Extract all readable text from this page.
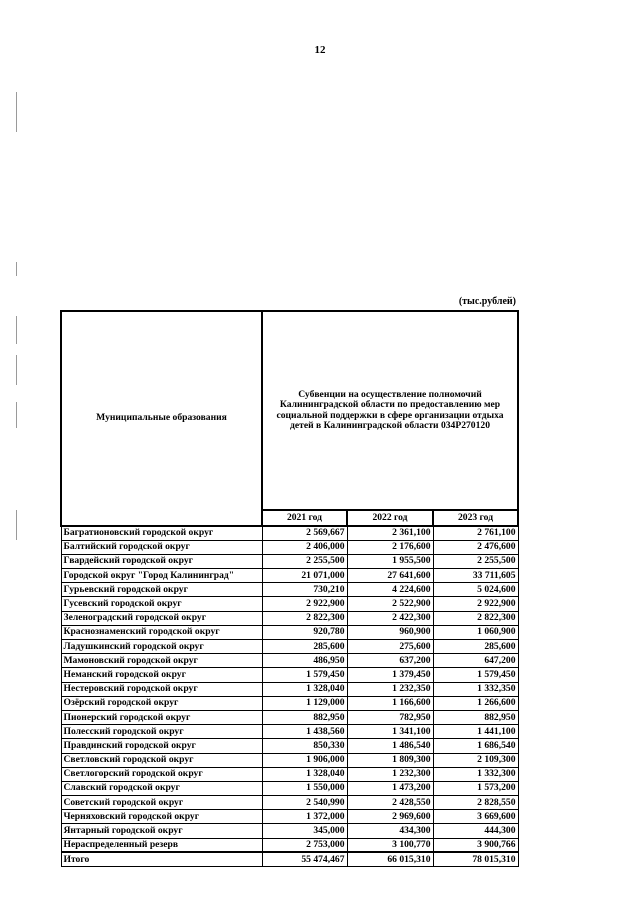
12
(тыс.рублей)
Муниципальные образования	Субвенции на осуществление полномочий Калининградской области по предоставлению мер социальной поддержки в сфере организации отдыха детей в Калининградской области 034P270120		
	2021 год	2022 год	2023 год
Багратионовский городской округ	2 569,667	2 361,100	2 761,100
Балтийский городской округ	2 406,000	2 176,600	2 476,600
Гвардейский городской округ	2 255,500	1 955,500	2 255,500
Городской округ "Город Калининград"	21 071,000	27 641,600	33 711,605
Гурьевский городской округ	730,210	4 224,600	5 024,600
Гусевский городской округ	2 922,900	2 522,900	2 922,900
Зеленоградский городской округ	2 822,300	2 422,300	2 822,300
Краснознаменский городской округ	920,780	960,900	1 060,900
Ладушкинский городской округ	285,600	275,600	285,600
Мамоновский городской округ	486,950	637,200	647,200
Неманский городской округ	1 579,450	1 379,450	1 579,450
Нестеровский городской округ	1 328,040	1 232,350	1 332,350
Озёрский городской округ	1 129,000	1 166,600	1 266,600
Пионерский городской округ	882,950	782,950	882,950
Полесский городской округ	1 438,560	1 341,100	1 441,100
Правдинский городской округ	850,330	1 486,540	1 686,540
Светловский городской округ	1 906,000	1 809,300	2 109,300
Светлогорский городской округ	1 328,040	1 232,300	1 332,300
Славский городской округ	1 550,000	1 473,200	1 573,200
Советский городской округ	2 540,990	2 428,550	2 828,550
Черняховский городской округ	1 372,000	2 969,600	3 669,600
Янтарный городской округ	345,000	434,300	444,300
Нераспределенный резерв	2 753,000	3 100,770	3 900,766
Итого	55 474,467	66 015,310	78 015,310
